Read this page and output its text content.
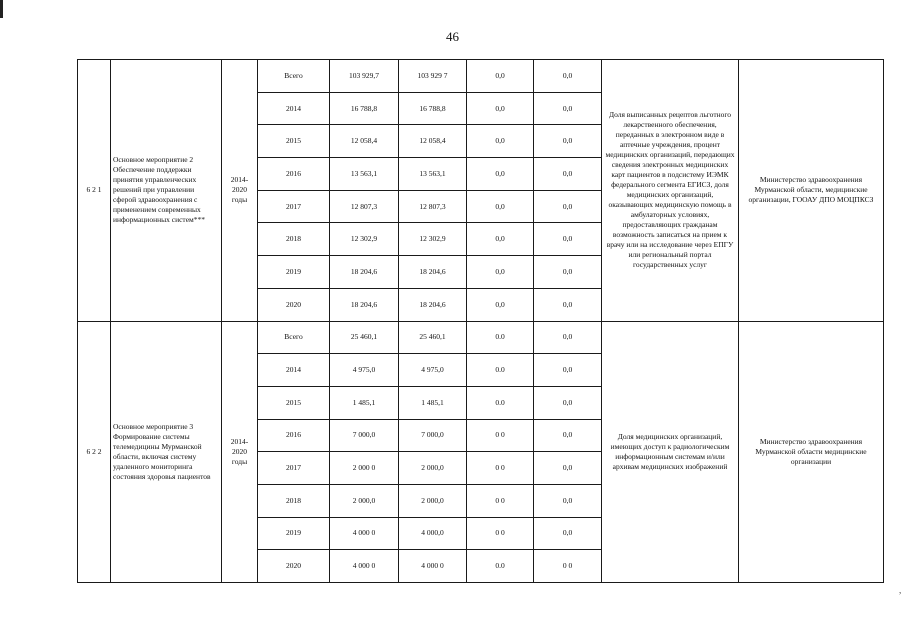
46
6 2 1	Основное мероприятие 2 Обеспечение поддержки принятия управленческих решений при управлении сферой здравоохранения с применением современных информационных систем***	2014-2020 годы	Всего	103 929,7	103 929 7	0,0	0,0	Доля выписанных рецептов льготного лекарственного обеспечения, переданных в электронном виде в аптечные учреждения, процент медицинских организаций, передающих сведения электронных медицинских карт пациентов в подсистему ИЭМК федерального сегмента ЕГИСЗ, доля медицинских организаций, оказывающих медицинскую помощь в амбулаторных условиях, предоставляющих гражданам возможность записаться на прием к врачу или на исследование через ЕПГУ или региональный портал государственных услуг	Министерство здравоохранения Мурманской области, медицинские организации, ГООАУ ДПО МОЦПКСЗ
			2014	16 788,8	16 788,8	0,0	0,0		
			2015	12 058,4	12 058,4	0,0	0,0		
			2016	13 563,1	13 563,1	0,0	0,0		
			2017	12 807,3	12 807,3	0,0	0,0		
			2018	12 302,9	12 302,9	0,0	0,0		
			2019	18 204,6	18 204,6	0,0	0,0		
			2020	18 204,6	18 204,6	0,0	0,0		
6 2 2	Основное мероприятие 3 Формирование системы телемедицины Мурманской области, включая систему удаленного мониторинга состояния здоровья пациентов	2014-2020 годы	Всего	25 460,1	25 460,1	0.0	0,0	Доля медицинских организаций, имеющих доступ к радиологическим информационным системам и/или архивам медицинских изображений	Министерство здравоохранения Мурманской области медицинские организации
			2014	4 975,0	4 975,0	0.0	0,0		
			2015	1 485,1	1 485,1	0.0	0,0		
			2016	7 000,0	7 000,0	0 0	0,0		
			2017	2 000 0	2 000,0	0 0	0,0		
			2018	2 000,0	2 000,0	0 0	0,0		
			2019	4 000 0	4 000,0	0 0	0,0		
			2020	4 000 0	4 000 0	0.0	0 0		
,
